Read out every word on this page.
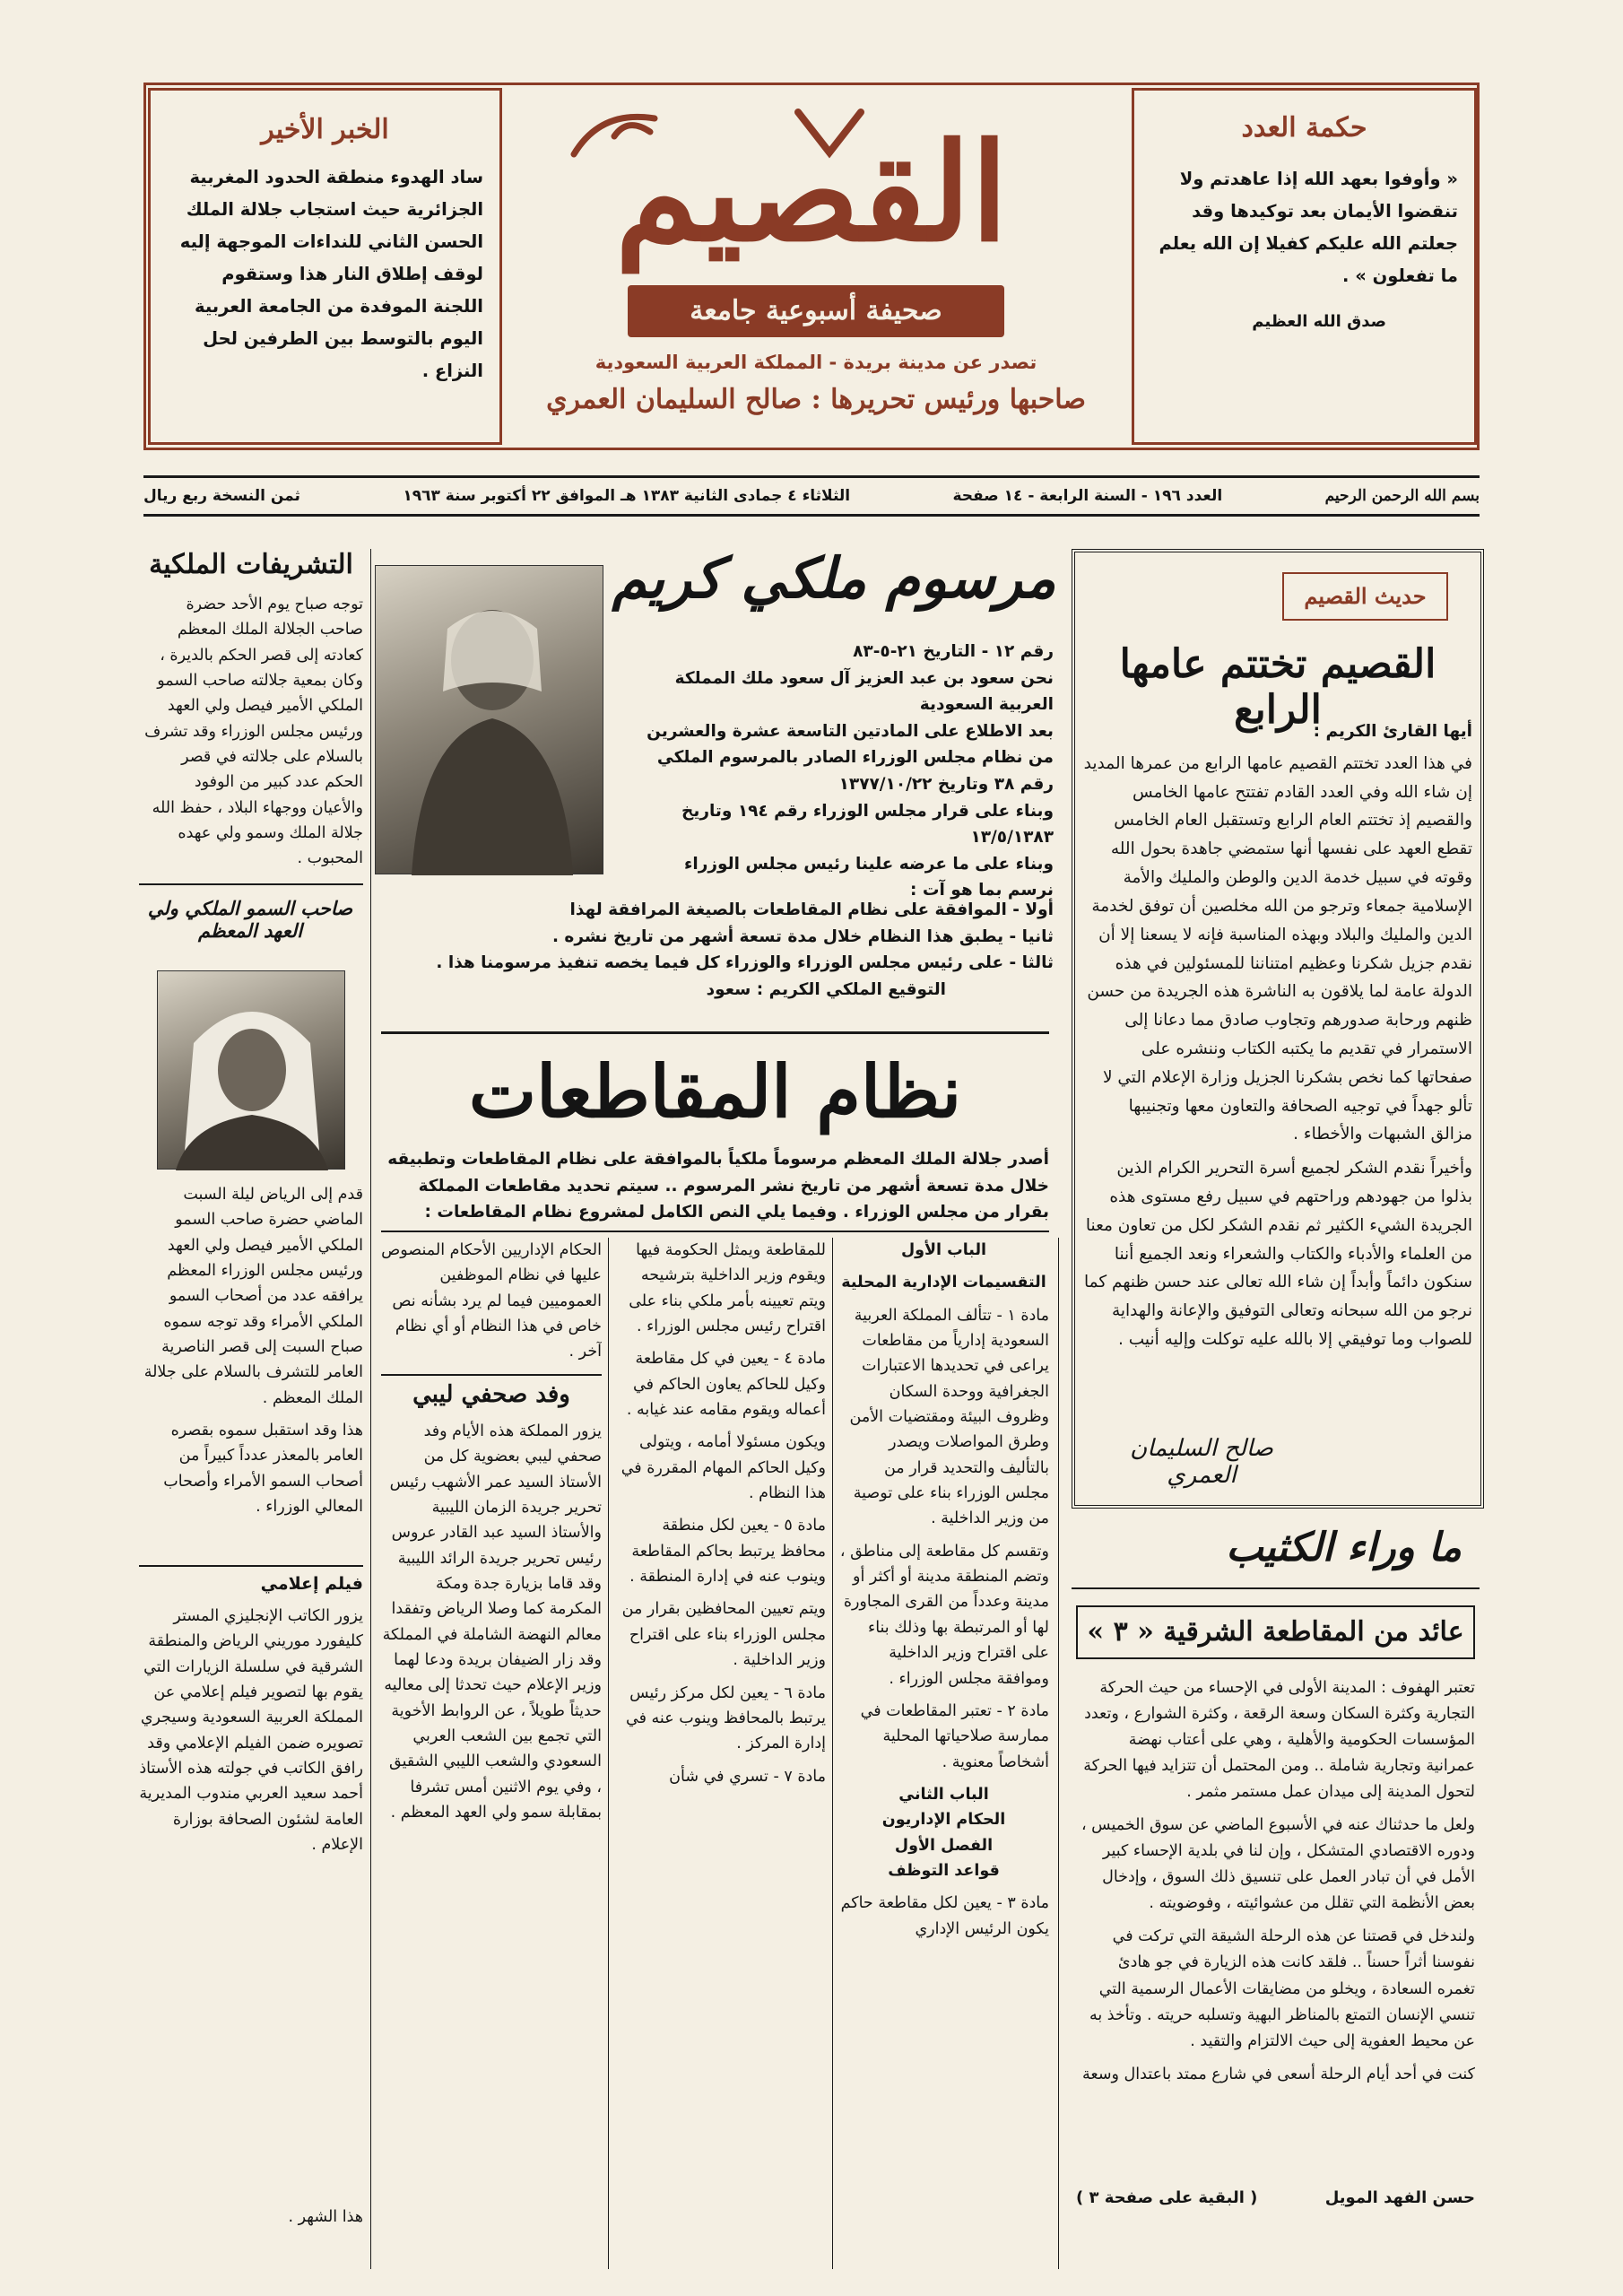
الخبر الأخير
ساد الهدوء منطقة الحدود المغربية الجزائرية حيث استجاب جلالة الملك الحسن الثاني للنداءات الموجهة إليه لوقف إطلاق النار هذا وستقوم اللجنة الموفدة من الجامعة العربية اليوم بالتوسط بين الطرفين لحل النزاع .
حكمة العدد
« وأوفوا بعهد الله إذا عاهدتم ولا تنقضوا الأيمان بعد توكيدها وقد جعلتم الله عليكم كفيلا إن الله يعلم ما تفعلون » .
صدق الله العظيم
القصيم
صحيفة أسبوعية جامعة
تصدر عن مدينة بريدة - المملكة العربية السعودية
صاحبها ورئيس تحريرها : صالح السليمان العمري
بسم الله الرحمن الرحيم
العدد ١٩٦ - السنة الرابعة - ١٤ صفحة
الثلاثاء ٤ جمادى الثانية ١٣٨٣ هـ الموافق ٢٢ أكتوبر سنة ١٩٦٣
ثمن النسخة ربع ريال
حديث القصيم
القصيم تختتم عامها الرابع
أيها القارئ الكريم :

في هذا العدد تختتم القصيم عامها الرابع من عمرها المديد إن شاء الله وفي العدد القادم تفتتح عامها الخامس والقصيم إذ تختتم العام الرابع وتستقبل العام الخامس تقطع العهد على نفسها أنها ستمضي جاهدة بحول الله وقوته في سبيل خدمة الدين والوطن والمليك والأمة الإسلامية جمعاء وترجو من الله مخلصين أن توفق لخدمة الدين والمليك والبلاد وبهذه المناسبة فإنه لا يسعنا إلا أن نقدم جزيل شكرنا وعظيم امتناننا للمسئولين في هذه الدولة عامة لما يلاقون به الناشرة هذه الجريدة من حسن ظنهم ورحابة صدورهم وتجاوب صادق مما دعانا إلى الاستمرار في تقديم ما يكتبه الكتاب وننشره على صفحاتها كما نخص بشكرنا الجزيل وزارة الإعلام التي لا تألو جهداً في توجيه الصحافة والتعاون معها وتجنيبها مزالق الشبهات والأخطاء .

وأخيراً نقدم الشكر لجميع أسرة التحرير الكرام الذين بذلوا من جهودهم وراحتهم في سبيل رفع مستوى هذه الجريدة الشيء الكثير ثم نقدم الشكر لكل من تعاون معنا من العلماء والأدباء والكتاب والشعراء ونعد الجميع أننا سنكون دائماً وأبداً إن شاء الله تعالى عند حسن ظنهم كما نرجو من الله سبحانه وتعالى التوفيق والإعانة والهداية للصواب وما توفيقي إلا بالله عليه توكلت وإليه أنيب .

صالح السليمان العمري
مرسوم ملكي كريم
رقم ١٢ - التاريخ ٢١-٥-٨٣
نحن سعود بن عبد العزيز آل سعود ملك المملكة العربية السعودية
بعد الاطلاع على المادتين التاسعة عشرة والعشرين من نظام مجلس الوزراء الصادر بالمرسوم الملكي رقم ٣٨ وتاريخ ١٣٧٧/١٠/٢٢
وبناء على قرار مجلس الوزراء رقم ١٩٤ وتاريخ ١٣/٥/١٣٨٣
وبناء على ما عرضه علينا رئيس مجلس الوزراء
نرسم بما هو آت :
أولا - الموافقة على نظام المقاطعات بالصيغة المرافقة لهذا
ثانيا - يطبق هذا النظام خلال مدة تسعة أشهر من تاريخ نشره .
ثالثا - على رئيس مجلس الوزراء والوزراء كل فيما يخصه تنفيذ مرسومنا هذا .
التوقيع الملكي الكريم : سعود
نظام المقاطعات
أصدر جلالة الملك المعظم مرسوماً ملكياً بالموافقة على نظام المقاطعات وتطبيقه خلال مدة تسعة أشهر من تاريخ نشر المرسوم .. سيتم تحديد مقاطعات المملكة بقرار من مجلس الوزراء . وفيما يلي النص الكامل لمشروع نظام المقاطعات :

الباب الأول

التقسيمات الإدارية المحلية

مادة ١ - تتألف المملكة العربية السعودية إدارياً من مقاطعات يراعى في تحديدها الاعتبارات الجغرافية ووحدة السكان وظروف البيئة ومقتضيات الأمن وطرق المواصلات ويصدر بالتأليف والتحديد قرار من مجلس الوزراء بناء على توصية من وزير الداخلية .

وتقسم كل مقاطعة إلى مناطق ، وتضم المنطقة مدينة أو أكثر أو مدينة وعدداً من القرى المجاورة لها أو المرتبطة بها وذلك بناء على اقتراح وزير الداخلية وموافقة مجلس الوزراء .

مادة ٢ - تعتبر المقاطعات في ممارسة صلاحياتها المحلية أشخاصاً معنوية .

الباب الثاني

الحكام الإداريون

الفصل الأول

قواعد التوظف

مادة ٣ - يعين لكل مقاطعة حاكم يكون الرئيس الإداري

للمقاطعة ويمثل الحكومة فيها ويقوم وزير الداخلية بترشيحه ويتم تعيينه بأمر ملكي بناء على اقتراح رئيس مجلس الوزراء .

مادة ٤ - يعين في كل مقاطعة وكيل للحاكم يعاون الحاكم في أعماله ويقوم مقامه عند غيابه .

ويكون مسئولا أمامه ، ويتولى وكيل الحاكم المهام المقررة في هذا النظام .

مادة ٥ - يعين لكل منطقة محافظ يرتبط بحاكم المقاطعة وينوب عنه في إدارة المنطقة .

ويتم تعيين المحافظين بقرار من مجلس الوزراء بناء على اقتراح وزير الداخلية .

مادة ٦ - يعين لكل مركز رئيس يرتبط بالمحافظ وينوب عنه في إدارة المركز .

مادة ٧ - تسري في شأن

الحكام الإداريين الأحكام المنصوص عليها في نظام الموظفين العموميين فيما لم يرد بشأنه نص خاص في هذا النظام أو أي نظام آخر .

وفد صحفي ليبي
يزور المملكة هذه الأيام وفد صحفي ليبي بعضوية كل من الأستاذ السيد عمر الأشهب رئيس تحرير جريدة الزمان الليبية والأستاذ السيد عبد القادر عروس رئيس تحرير جريدة الرائد الليبية وقد قاما بزيارة جدة ومكة المكرمة كما وصلا الرياض وتفقدا معالم النهضة الشاملة في المملكة وقد زار الضيفان بريدة ودعا لهما وزير الإعلام حيث تحدثا إلى معاليه حديثاً طويلاً ، عن الروابط الأخوية التي تجمع بين الشعب العربي السعودي والشعب الليبي الشقيق ، وفي يوم الاثنين أمس تشرفا بمقابلة سمو ولي العهد المعظم .
التشريفات الملكية
توجه صباح يوم الأحد حضرة صاحب الجلالة الملك المعظم كعادته إلى قصر الحكم بالديرة ، وكان بمعية جلالته صاحب السمو الملكي الأمير فيصل ولي العهد ورئيس مجلس الوزراء وقد تشرف بالسلام على جلالته في قصر الحكم عدد كبير من الوفود والأعيان ووجهاء البلاد ، حفظ الله جلالة الملك وسمو ولي عهده المحبوب .
صاحب السمو الملكي ولي العهد المعظم

قدم إلى الرياض ليلة السبت الماضي حضرة صاحب السمو الملكي الأمير فيصل ولي العهد ورئيس مجلس الوزراء المعظم يرافقه عدد من أصحاب السمو الملكي الأمراء وقد توجه سموه صباح السبت إلى قصر الناصرية العامر للتشرف بالسلام على جلالة الملك المعظم .

هذا وقد استقبل سموه بقصره العامر بالمعذر عدداً كبيراً من أصحاب السمو الأمراء وأصحاب المعالي الوزراء .

فيلم إعلامي
يزور الكاتب الإنجليزي المستر كليفورد موريني الرياض والمنطقة الشرقية في سلسلة الزيارات التي يقوم بها لتصوير فيلم إعلامي عن المملكة العربية السعودية وسيجري تصويره ضمن الفيلم الإعلامي وقد رافق الكاتب في جولته هذه الأستاذ أحمد سعيد العربي مندوب المديرية العامة لشئون الصحافة بوزارة الإعلام .
هذا الشهر .
ما وراء الكثيب
عائد من المقاطعة الشرقية « ٣ »

تعتبر الهفوف : المدينة الأولى في الإحساء من حيث الحركة التجارية وكثرة السكان وسعة الرقعة ، وكثرة الشوارع ، وتعدد المؤسسات الحكومية والأهلية ، وهي على أعتاب نهضة عمرانية وتجارية شاملة .. ومن المحتمل أن تتزايد فيها الحركة لتحول المدينة إلى ميدان عمل مستمر مثمر .

ولعل ما حدثناك عنه في الأسبوع الماضي عن سوق الخميس ، ودوره الاقتصادي المتشكل ، وإن لنا في بلدية الإحساء كبير الأمل في أن تبادر العمل على تنسيق ذلك السوق ، وإدخال بعض الأنظمة التي تقلل من عشوائيته ، وفوضويته .

ولندخل في قصتنا عن هذه الرحلة الشيقة التي تركت في نفوسنا أثراً حسناً .. فلقد كانت هذه الزيارة في جو هادئ تغمره السعادة ، ويخلو من مضايقات الأعمال الرسمية التي تنسي الإنسان التمتع بالمناظر البهية وتسلبه حريته . وتأخذ به عن محيط العفوية إلى حيث الالتزام والتقيد .

كنت في أحد أيام الرحلة أسعى في شارع ممتد باعتدال وسعة

حسن الفهد المويل
( البقية على صفحة ٣ )
